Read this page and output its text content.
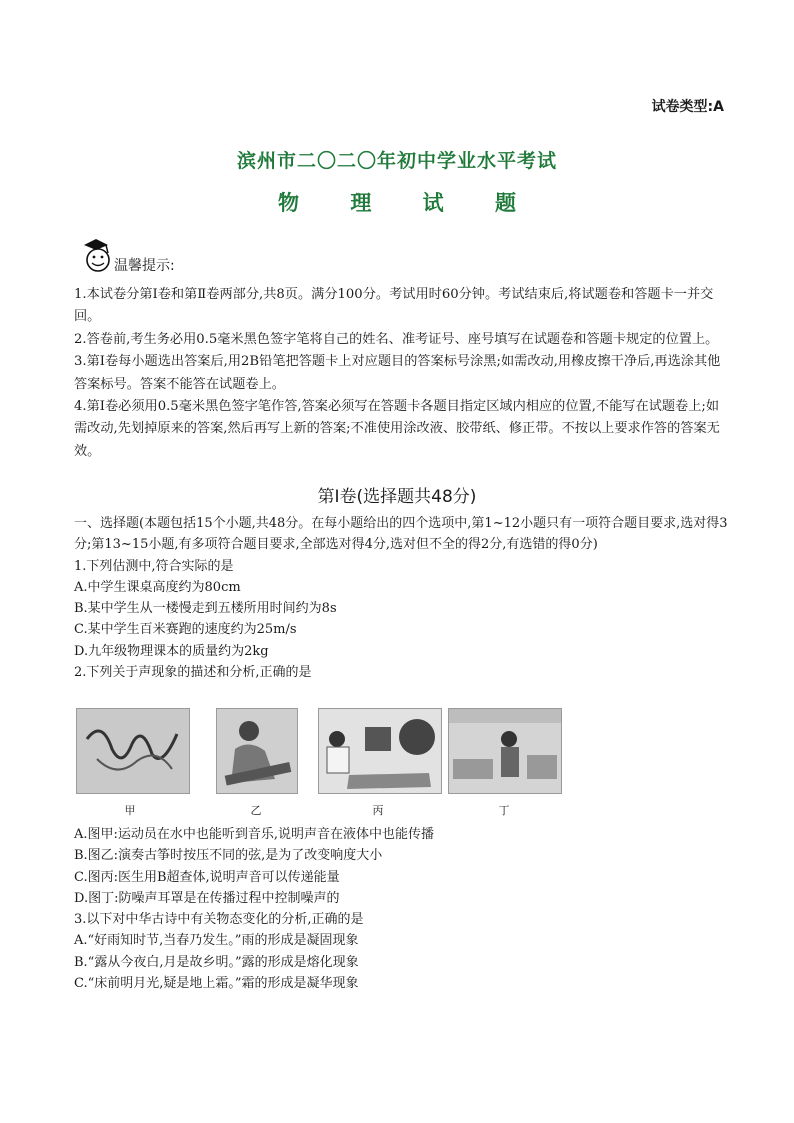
试卷类型:A
滨州市二〇二〇年初中学业水平考试
物 理 试 题
温馨提示:

1.本试卷分第Ⅰ卷和第Ⅱ卷两部分,共8页。满分100分。考试用时60分钟。考试结束后,将试题卷和答题卡一并交回。

2.答卷前,考生务必用0.5毫米黑色签字笔将自己的姓名、准考证号、座号填写在试题卷和答题卡规定的位置上。

3.第Ⅰ卷每小题选出答案后,用2B铅笔把答题卡上对应题目的答案标号涂黑;如需改动,用橡皮擦干净后,再选涂其他答案标号。答案不能答在试题卷上。

4.第Ⅰ卷必须用0.5毫米黑色签字笔作答,答案必须写在答题卡各题目指定区域内相应的位置,不能写在试题卷上;如需改动,先划掉原来的答案,然后再写上新的答案;不准使用涂改液、胶带纸、修正带。不按以上要求作答的答案无效。

第Ⅰ卷(选择题共48分)

一、选择题(本题包括15个小题,共48分。在每小题给出的四个选项中,第1~12小题只有一项符合题目要求,选对得3分;第13~15小题,有多项符合题目要求,全部选对得4分,选对但不全的得2分,有选错的得0分)

1.下列估测中,符合实际的是

A.中学生课桌高度约为80cm

B.某中学生从一楼慢走到五楼所用时间约为8s

C.某中学生百米赛跑的速度约为25m/s

D.九年级物理课本的质量约为2kg

2.下列关于声现象的描述和分析,正确的是

甲	乙	丙	丁

A.图甲:运动员在水中也能听到音乐,说明声音在液体中也能传播

B.图乙:演奏古筝时按压不同的弦,是为了改变响度大小

C.图丙:医生用B超查体,说明声音可以传递能量

D.图丁:防噪声耳罩是在传播过程中控制噪声的

3.以下对中华古诗中有关物态变化的分析,正确的是

A.“好雨知时节,当春乃发生。”雨的形成是凝固现象

B.“露从今夜白,月是故乡明。”露的形成是熔化现象

C.“床前明月光,疑是地上霜。”霜的形成是凝华现象
